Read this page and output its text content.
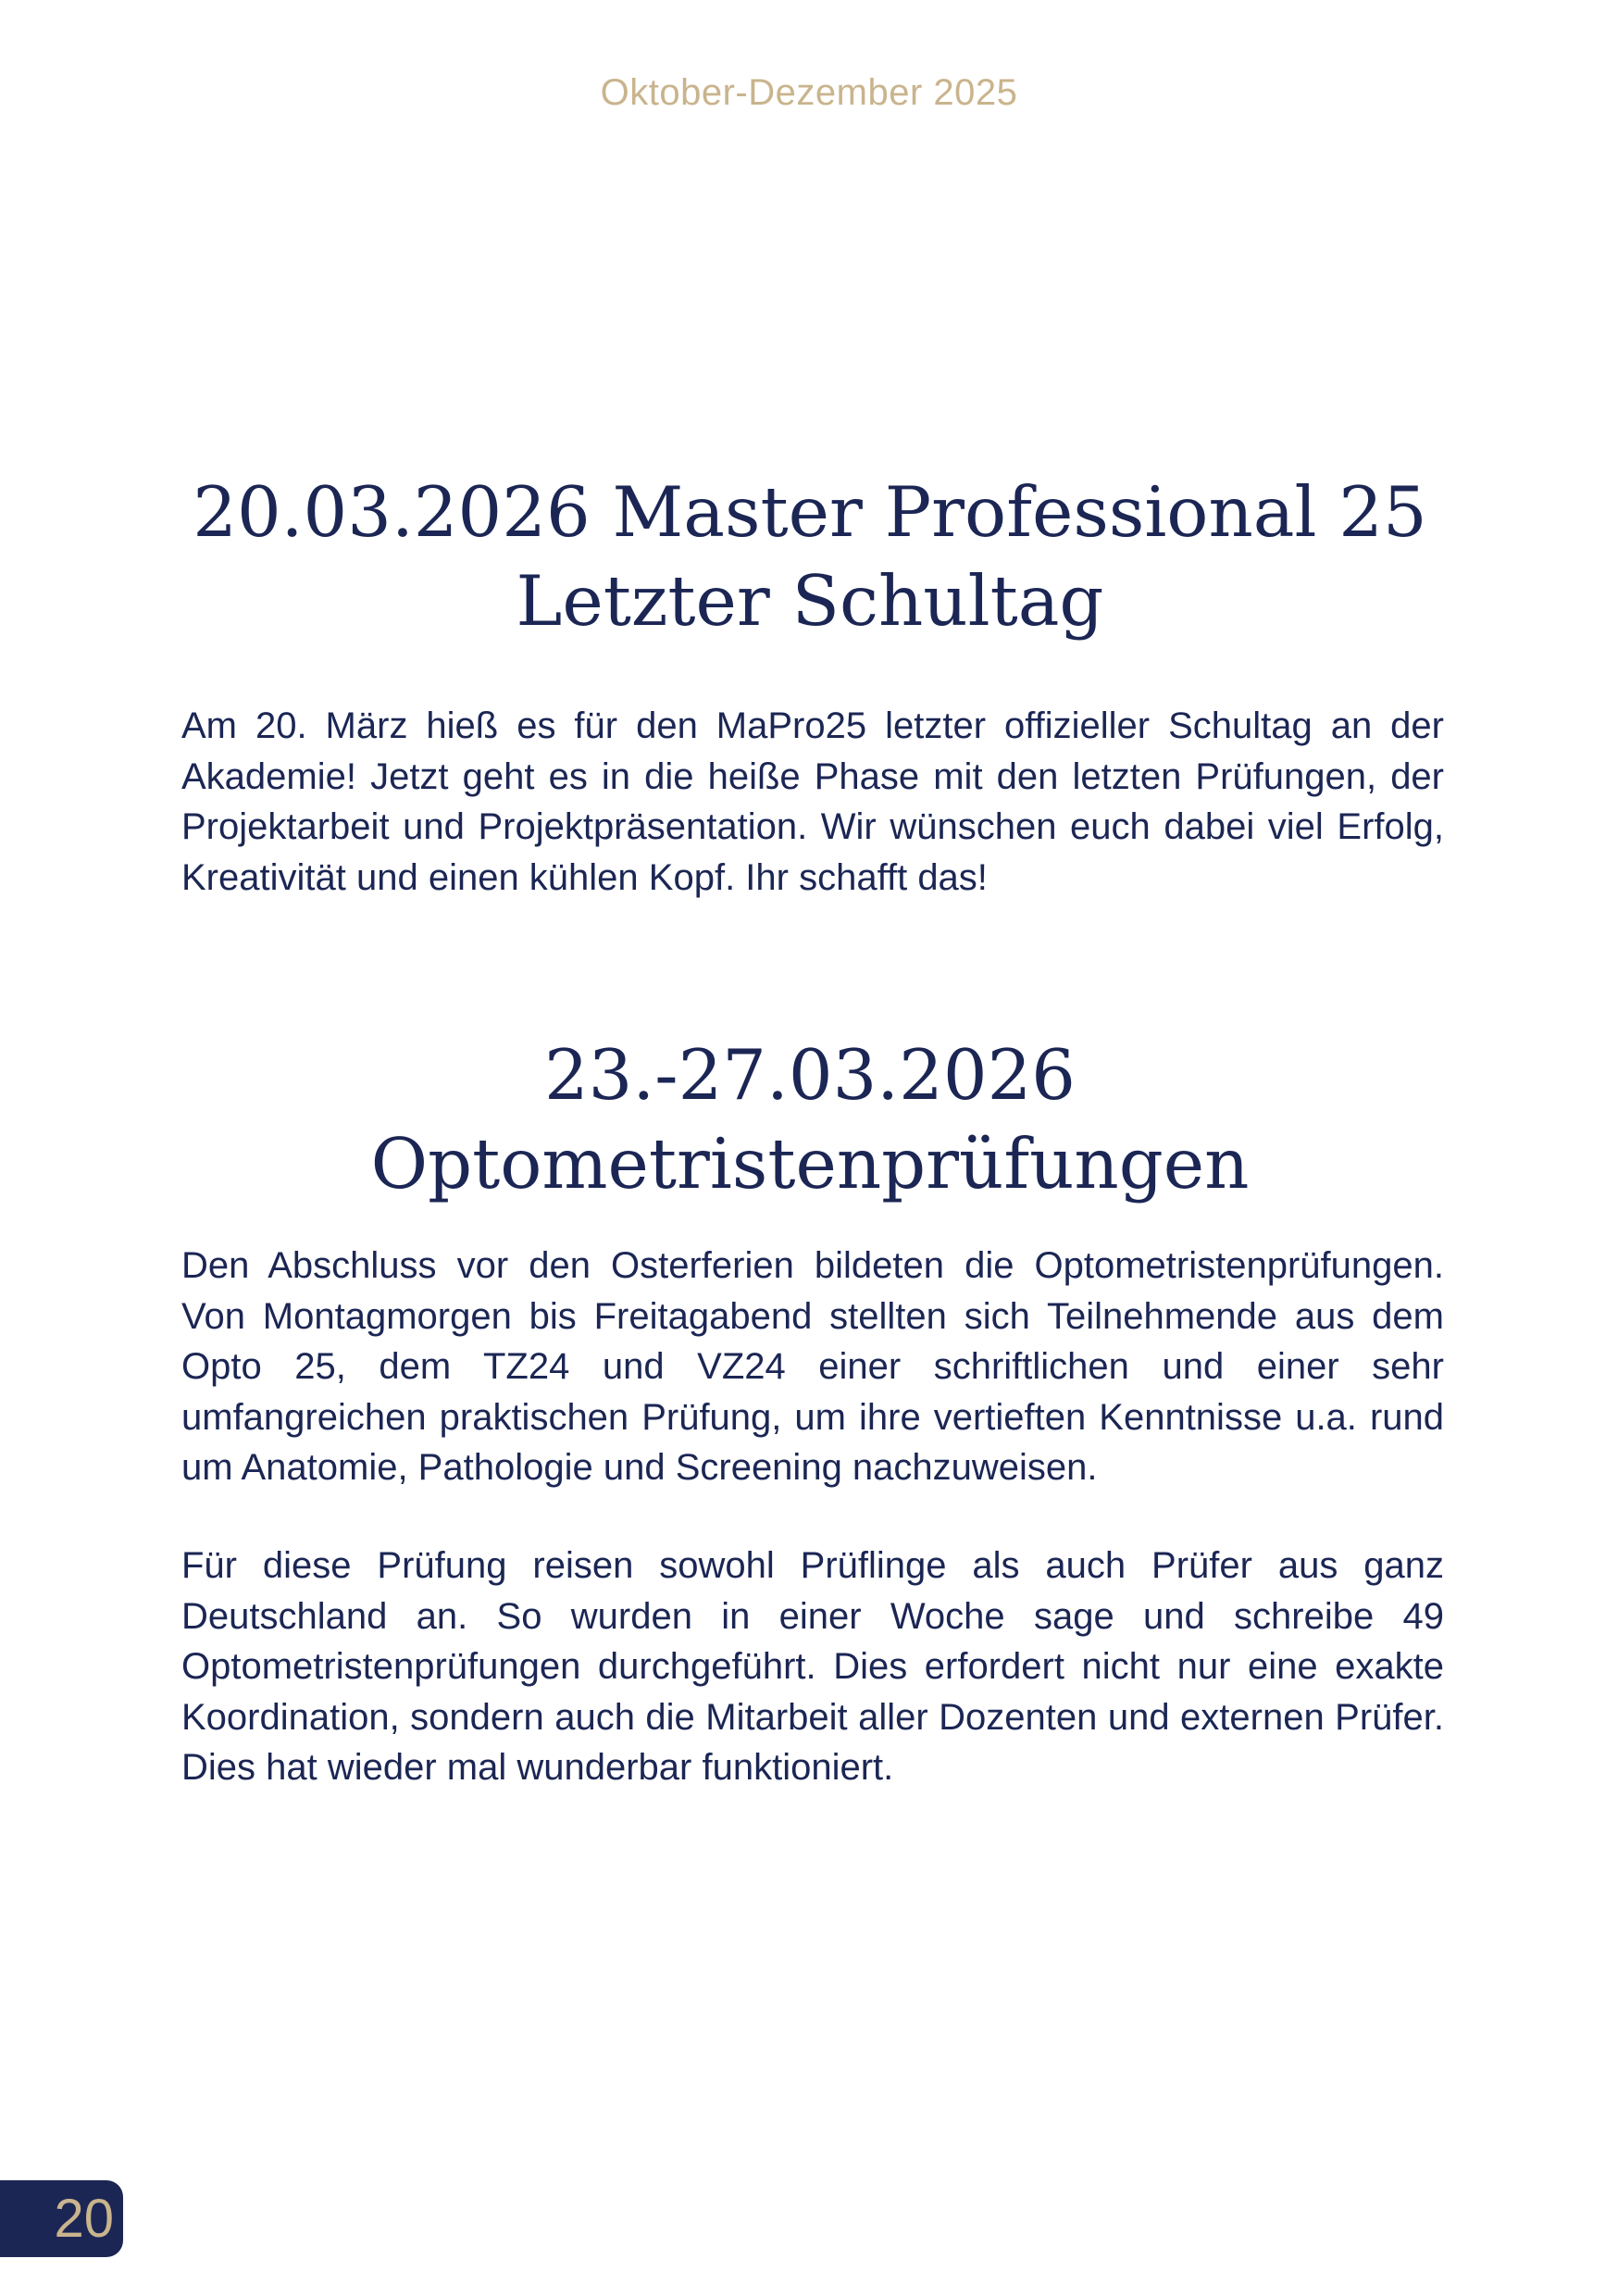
Oktober-Dezember 2025
20.03.2026 Master Professional 25
Letzter Schultag

Am 20. März hieß es für den MaPro25 letzter offizieller Schultag an der Akademie! Jetzt geht es in die heiße Phase mit den letzten Prüfungen, der Projektarbeit und Projektpräsentation. Wir wünschen euch dabei viel Erfolg, Kreativität und einen kühlen Kopf. Ihr schafft das!

23.-27.03.2026
Optometristenprüfungen

Den Abschluss vor den Osterferien bildeten die Optometristenprüfungen. Von Montagmorgen bis Freitagabend stellten sich Teilnehmende aus dem Opto 25, dem TZ24 und VZ24 einer schriftlichen und einer sehr umfangreichen praktischen Prüfung, um ihre vertieften Kenntnisse u.a. rund um Anatomie, Pathologie und Screening nachzuweisen.

Für diese Prüfung reisen sowohl Prüflinge als auch Prüfer aus ganz Deutschland an. So wurden in einer Woche sage und schreibe 49 Optometristenprüfungen durchgeführt. Dies erfordert nicht nur eine exakte Koordination, sondern auch die Mitarbeit aller Dozenten und externen Prüfer. Dies hat wieder mal wunderbar funktioniert.

20
